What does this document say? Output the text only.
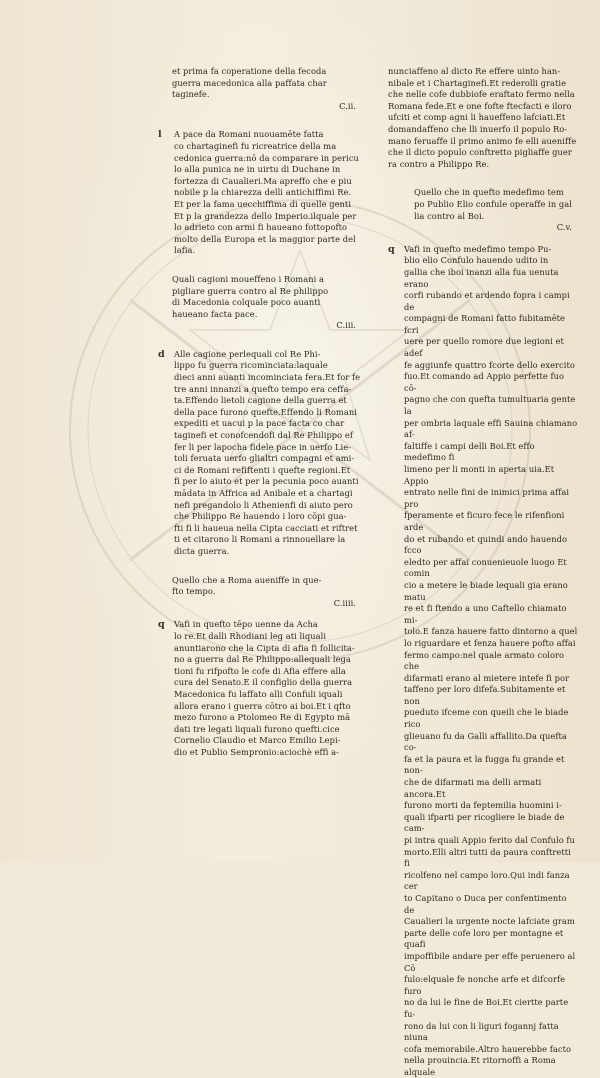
et prima fa coperatione della fecoda
guerra macedonica alla paffata char
taginefe.

C.ii.

l A pace da Romani nuouamēte fatta
co chartaginefi fu ricreatrice della ma
cedonica guerra:nō da comparare in pericu
lo alla punica ne in uirtu di Duchane in
fortezza di Caualieri.Ma apreffo che e piu
nobile p la chiarezza delli antichiffimi Re.
Et per la fama uecchiffima di quelle genti
Et p la grandezza dello Imperio.ilquale per
lo adrieto con armi fi haueano fottopofto
molto della Europa et la maggior parte del
lafia.

Quali cagioni moueffeno i Romani a
pigliare guerra contro al Re philippo
di Macedonia colquale poco auanti
haueano facta pace.

C.iii.

d Alle cagione perlequali col Re Phi-
lippo fu guerra ricominciata:laquale
dieci anni auanti incominciata fera.Et for fe
tre anni innanzi a quefto tempo era ceffa-
ta.Effendo lietoli cagione della guerra et
della pace furono quefte.Effendo li Romani
expediti et uacui p la pace facta co char
taginefi et conofcendofi dal Re Philippo ef
fer li per lapocha fidele pace in uerfo Lie-
toli feruata uerfo glialtri compagni et ami-
ci de Romani refiftenti i quefte regioni.Et
fi per lo aiuto et per la pecunia poco auanti
mādata in Affrica ad Anibale et a chartagi
nefi pregandolo li Athenienfi di aiuto pero
che Philippo Re hauendo i loro cōpi gua-
fti fi li haueua nella Cipta cacciati et riftret
ti et citarono li Romani a rinnouellare la
dicta guerra.

Quello che a Roma aueniffe in que-
fto tempo.

C.iiii.

q Vafi in quefto tēpo uenne da Acha
lo re.Et dalli Rhodiani leg ati liquali
anuntiarono che la Cipta di afia fi follicita-
no a guerra dal Re Philippo:allequali lega
tioni fu rifpofto le cofe di Afia effere alla
cura del Senato.E il configlio della guerra
Macedonica fu laffato alli Confuli iquali
allora erano i guerra cōtro ai boi.Et i qfto
mezo furono a Ptolomeo Re di Egypto mā
dati tre legati liquali furono quefti.cice
Cornelio Claudio et Marco Emilio Lepi-
dio et Publio Sempronio:aciochè effi a-

nunciaffeno al dicto Re effere uinto han-
nibale et i Chartaginefi.Et rederolli gratie
che nelle cofe dubbiofe eraftato fermo nella
Romana fede.Et e one fofte ftecfacti e iloro
ufciti et comp agni li haueffeno lafciati.Et
domandaffeno che lli inuerfo il populo Ro-
mano feruaffe il primo animo fe elli aueniffe
che il dicto populo conftretto pigliaffe guer
ra contro a Philippo Re.

Quello che in quefto medefimo tem
po Publio Elio confule operaffe in gal
lia contro al Boi.

C.v.

q Vafi in quefto medefimo tempo Pu-
blio elio Confulo hauendo udito in
gallia che iboi inanzi alla fua uenuta erano
corfi rubando et ardendo fopra i campi de
compagni de Romani fatto fubitamēte fcri
uere per quello romore due legioni et adef
fe aggiunfe quattro fcorte dello exercito
fuo.Et comando ad Appio perfette fuo cō-
pagno che con quefta tumultuaria gente la
per ombria laquale effi Sauina chiamano af-
faltiffe i campi delli Boi.Et effo medefimo fi
limeno per li monti in aperta uia.Et Appio
entrato nelle fini de inimici prima affai pro
fperamente et ficuro fece le rifenfioni arde
do et rubando et quindi ando hauendo fcco
eledto per affai conuenieuole luogo Et comin
cio a metere le biade lequali gia erano matu
re et fi ftendo a uno Caftello chiamato mi-
tolo.E fanza hauere fatto dintorno a quel
lo riguardare et fenza hauere pofto affai
fermo campo:nel quale armato coloro che
difarmati erano al mietere intefe fi por
taffeno per loro difefa.Subitamente et non
pueduto ifceme con queili che le biade rico
glieuano fu da Galli affallito.Da quefta co-
fa et la paura et la fugga fu grande et non-
che de difarmati ma delli armati ancora.Et
furono morti da feptemilia huomini i-
quali ifparti per ricogliere le biade de cam-
pi intra quali Appio ferito dal Confulo fu
morto.Elli altri tutti da paura conftretti fi
ricolfeno nel campo loro.Qui indi fanza cer
to Capitano o Duca per confentimento de
Caualieri la urgente nocte lafciate gram
parte delle cofe loro per montagne et quafi
impoffibile andare per effe peruenero al Cō
fulo:elquale fe nonche arfe et difcorfe furo
no da lui le fine de Boi.Et ciertte parte fu-
rono da lui con li liguri fogannj fatta niuna
cofa memorabile.Altro hauerebbe facto
nella prouincia.Et ritornoffi a Roma alquale
